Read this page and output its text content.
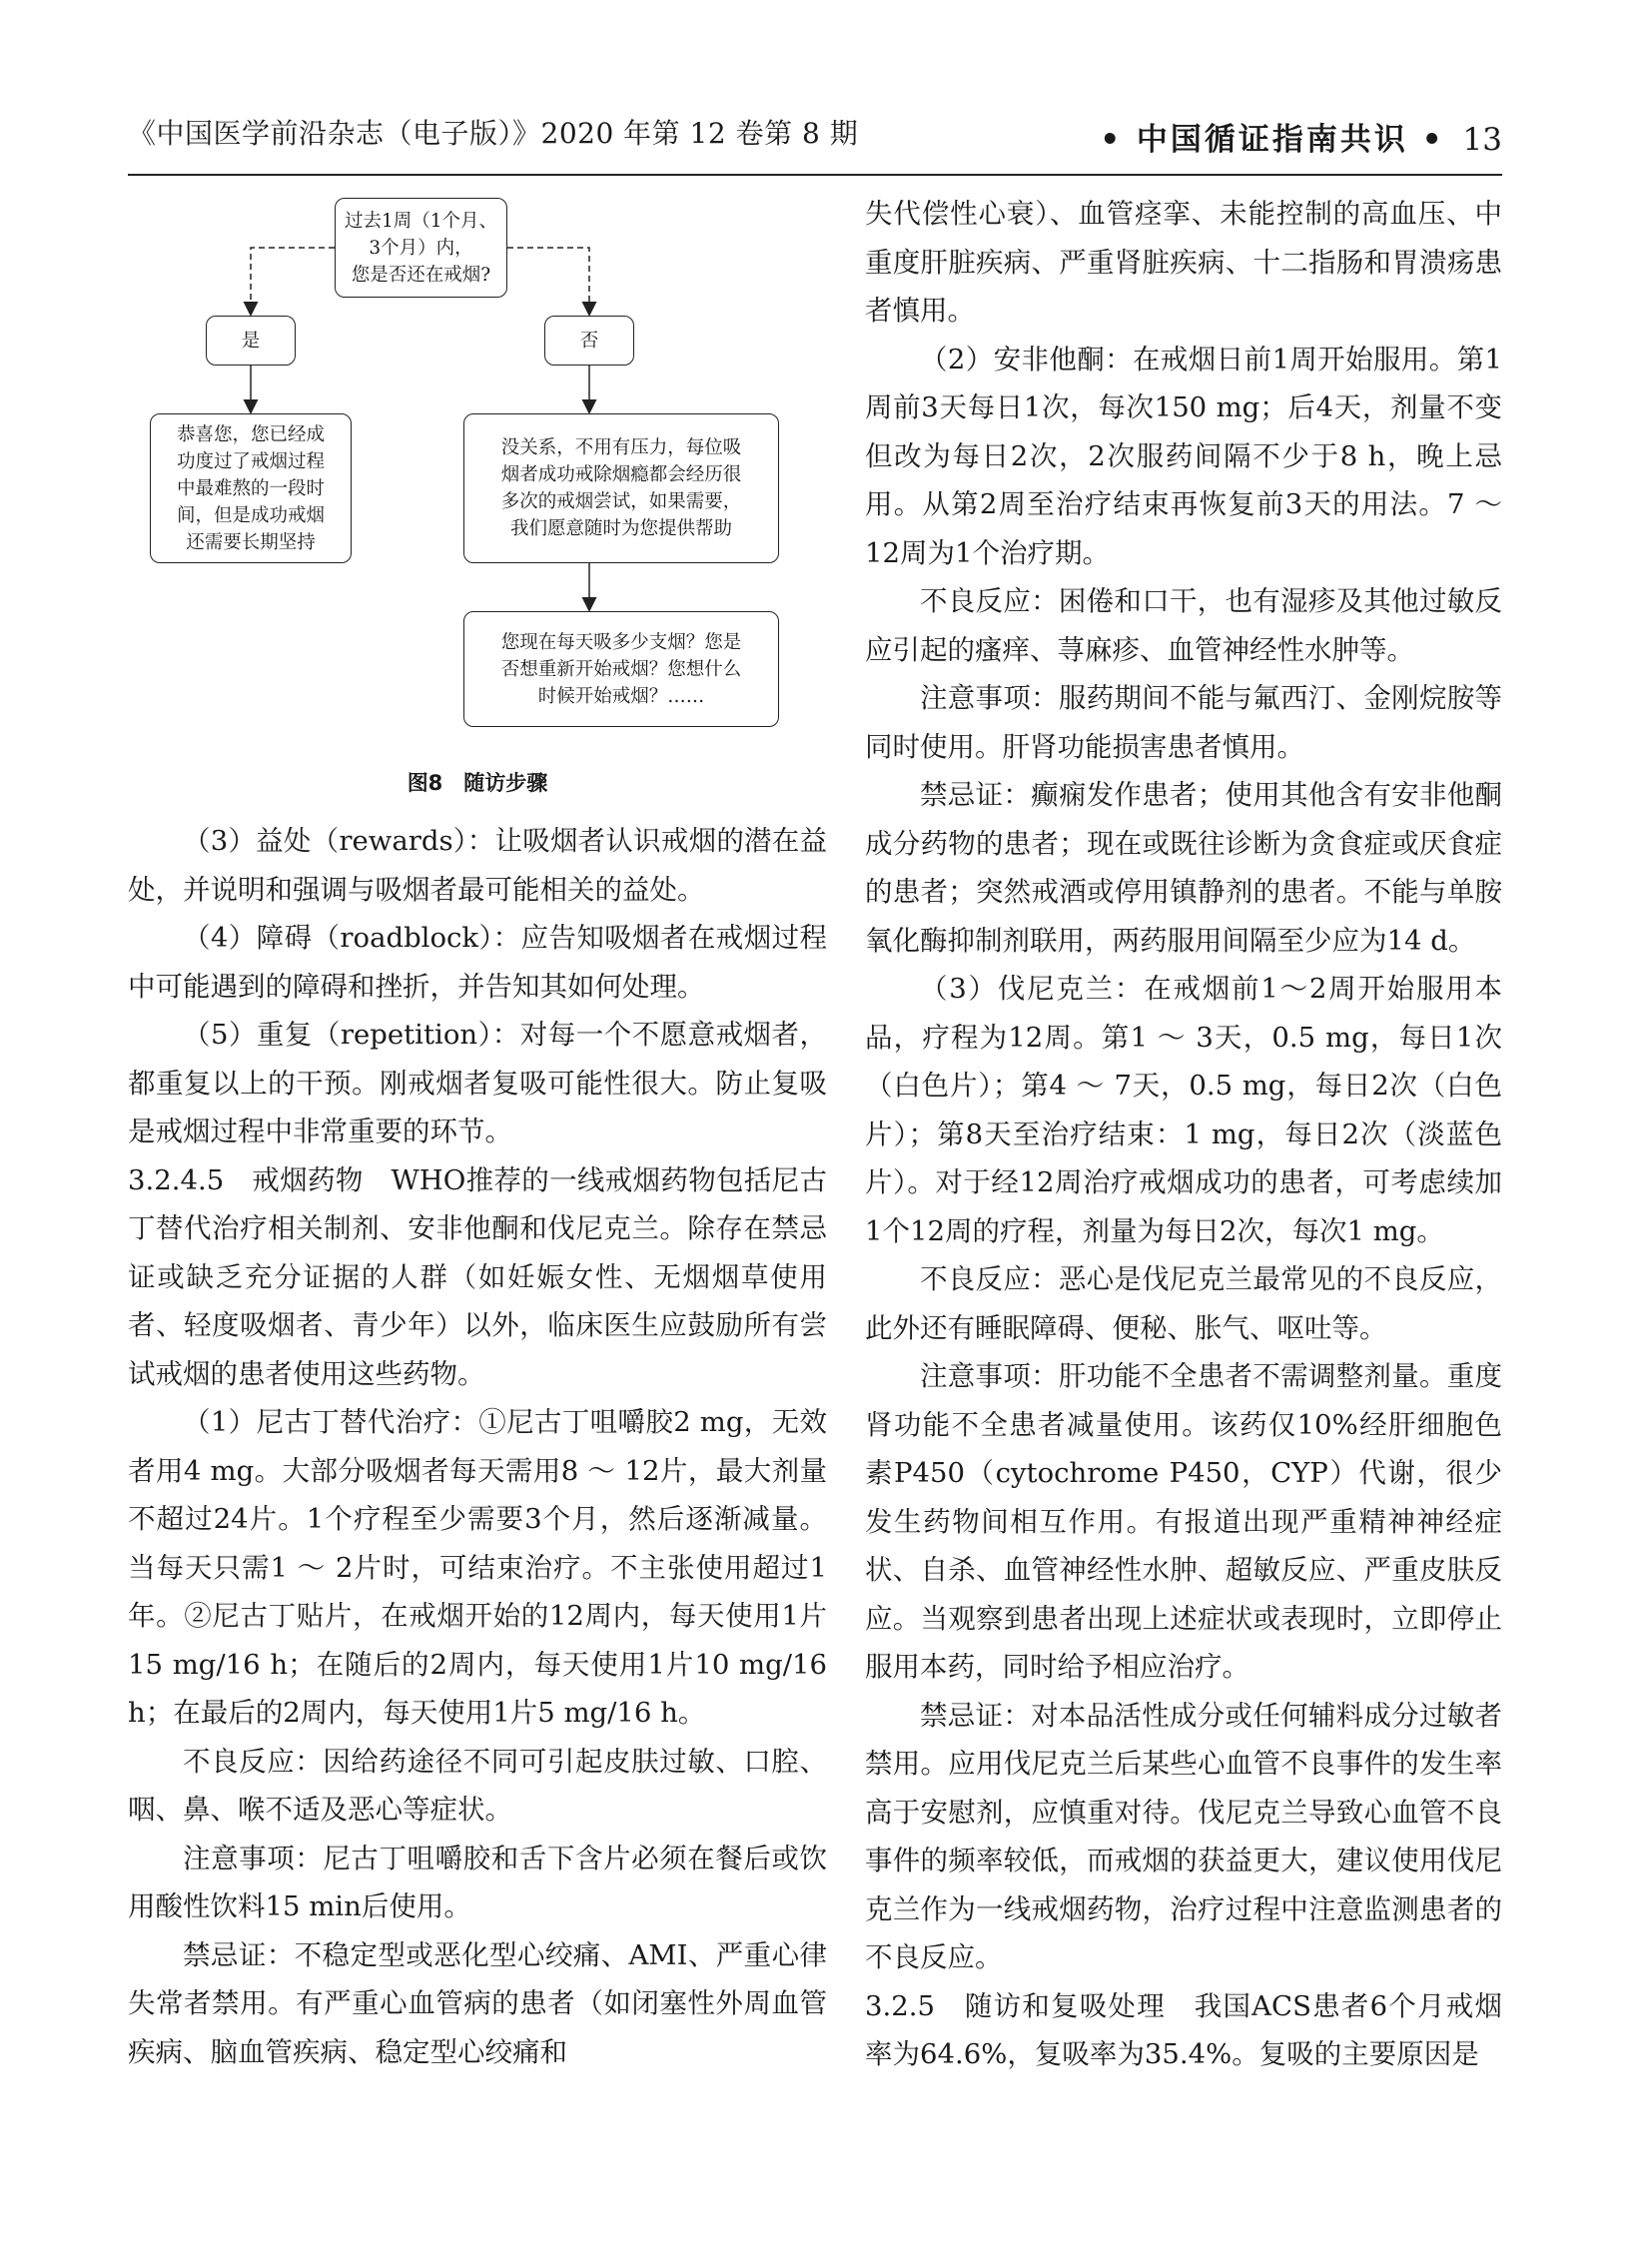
《中国医学前沿杂志（电子版）》2020 年第 12 卷第 8 期	• 中国循证指南共识 • 13
过去1周（1个月、
3个月）内，
您是否还在戒烟?
是	否
恭喜您，您已经成
功度过了戒烟过程
中最难熬的一段时
间，但是成功戒烟
还需要长期坚持
没关系，不用有压力，每位吸
烟者成功戒除烟瘾都会经历很
多次的戒烟尝试，如果需要，
我们愿意随时为您提供帮助
您现在每天吸多少支烟？您是
否想重新开始戒烟？您想什么
时候开始戒烟？……
图8　随访步骤

（3）益处（rewards）：让吸烟者认识戒烟的潜在益处，并说明和强调与吸烟者最可能相关的益处。

（4）障碍（roadblock）：应告知吸烟者在戒烟过程中可能遇到的障碍和挫折，并告知其如何处理。

（5）重复（repetition）：对每一个不愿意戒烟者，都重复以上的干预。刚戒烟者复吸可能性很大。防止复吸是戒烟过程中非常重要的环节。

3.2.4.5　戒烟药物　WHO推荐的一线戒烟药物包括尼古丁替代治疗相关制剂、安非他酮和伐尼克兰。除存在禁忌证或缺乏充分证据的人群（如妊娠女性、无烟烟草使用者、轻度吸烟者、青少年）以外，临床医生应鼓励所有尝试戒烟的患者使用这些药物。

（1）尼古丁替代治疗：①尼古丁咀嚼胶2 mg，无效者用4 mg。大部分吸烟者每天需用8 ～ 12片，最大剂量不超过24片。1个疗程至少需要3个月，然后逐渐减量。当每天只需1 ～ 2片时，可结束治疗。不主张使用超过1年。②尼古丁贴片，在戒烟开始的12周内，每天使用1片15 mg/16 h；在随后的2周内，每天使用1片10 mg/16 h；在最后的2周内，每天使用1片5 mg/16 h。

不良反应：因给药途径不同可引起皮肤过敏、口腔、咽、鼻、喉不适及恶心等症状。

注意事项：尼古丁咀嚼胶和舌下含片必须在餐后或饮用酸性饮料15 min后使用。

禁忌证：不稳定型或恶化型心绞痛、AMI、严重心律失常者禁用。有严重心血管病的患者（如闭塞性外周血管疾病、脑血管疾病、稳定型心绞痛和

失代偿性心衰）、血管痉挛、未能控制的高血压、中重度肝脏疾病、严重肾脏疾病、十二指肠和胃溃疡患者慎用。

（2）安非他酮：在戒烟日前1周开始服用。第1周前3天每日1次，每次150 mg；后4天，剂量不变但改为每日2次，2次服药间隔不少于8 h，晚上忌用。从第2周至治疗结束再恢复前3天的用法。7 ～ 12周为1个治疗期。

不良反应：困倦和口干，也有湿疹及其他过敏反应引起的瘙痒、荨麻疹、血管神经性水肿等。

注意事项：服药期间不能与氟西汀、金刚烷胺等同时使用。肝肾功能损害患者慎用。

禁忌证：癫痫发作患者；使用其他含有安非他酮成分药物的患者；现在或既往诊断为贪食症或厌食症的患者；突然戒酒或停用镇静剂的患者。不能与单胺氧化酶抑制剂联用，两药服用间隔至少应为14 d。

（3）伐尼克兰：在戒烟前1～2周开始服用本品，疗程为12周。第1 ～ 3天，0.5 mg，每日1次（白色片）；第4 ～ 7天，0.5 mg，每日2次（白色片）；第8天至治疗结束：1 mg，每日2次（淡蓝色片）。对于经12周治疗戒烟成功的患者，可考虑续加1个12周的疗程，剂量为每日2次，每次1 mg。

不良反应：恶心是伐尼克兰最常见的不良反应，此外还有睡眠障碍、便秘、胀气、呕吐等。

注意事项：肝功能不全患者不需调整剂量。重度肾功能不全患者减量使用。该药仅10%经肝细胞色素P450（cytochrome P450，CYP）代谢，很少发生药物间相互作用。有报道出现严重精神神经症状、自杀、血管神经性水肿、超敏反应、严重皮肤反应。当观察到患者出现上述症状或表现时，立即停止服用本药，同时给予相应治疗。

禁忌证：对本品活性成分或任何辅料成分过敏者禁用。应用伐尼克兰后某些心血管不良事件的发生率高于安慰剂，应慎重对待。伐尼克兰导致心血管不良事件的频率较低，而戒烟的获益更大，建议使用伐尼克兰作为一线戒烟药物，治疗过程中注意监测患者的不良反应。

3.2.5　随访和复吸处理　我国ACS患者6个月戒烟率为64.6%，复吸率为35.4%。复吸的主要原因是
